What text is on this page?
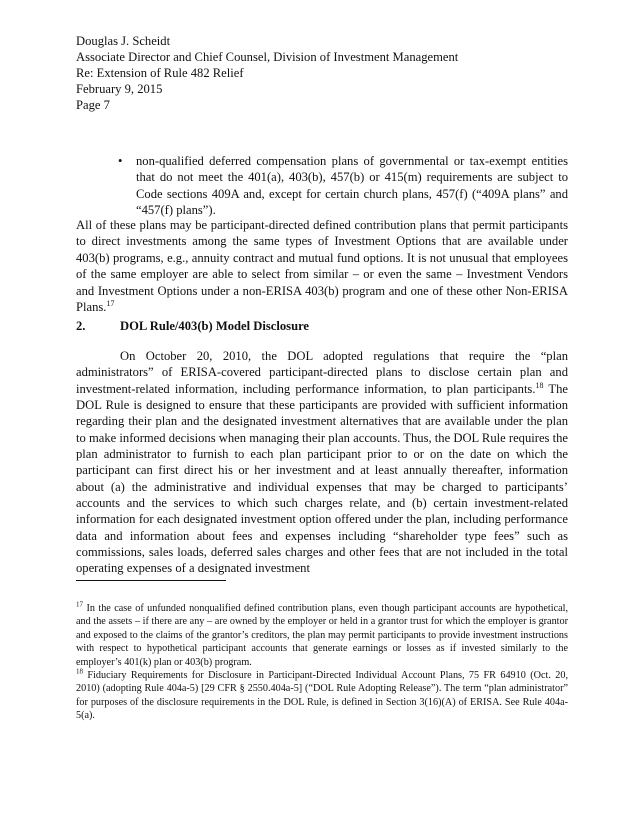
Douglas J. Scheidt
Associate Director and Chief Counsel, Division of Investment Management
Re: Extension of Rule 482 Relief
February 9, 2015
Page 7
• non-qualified deferred compensation plans of governmental or tax-exempt entities that do not meet the 401(a), 403(b), 457(b) or 415(m) requirements are subject to Code sections 409A and, except for certain church plans, 457(f) (“409A plans” and “457(f) plans”).
All of these plans may be participant-directed defined contribution plans that permit participants to direct investments among the same types of Investment Options that are available under 403(b) programs, e.g., annuity contract and mutual fund options. It is not unusual that employees of the same employer are able to select from similar – or even the same – Investment Vendors and Investment Options under a non-ERISA 403(b) program and one of these other Non-ERISA Plans.$^{17}$
2.	DOL Rule/403(b) Model Disclosure
On October 20, 2010, the DOL adopted regulations that require the “plan administrators” of ERISA-covered participant-directed plans to disclose certain plan and investment-related information, including performance information, to plan participants.$^{18}$ The DOL Rule is designed to ensure that these participants are provided with sufficient information regarding their plan and the designated investment alternatives that are available under the plan to make informed decisions when managing their plan accounts. Thus, the DOL Rule requires the plan administrator to furnish to each plan participant prior to or on the date on which the participant can first direct his or her investment and at least annually thereafter, information about (a) the administrative and individual expenses that may be charged to participants’ accounts and the services to which such charges relate, and (b) certain investment-related information for each designated investment option offered under the plan, including performance data and information about fees and expenses including “shareholder type fees” such as commissions, sales loads, deferred sales charges and other fees that are not included in the total operating expenses of a designated investment
$^{17}$ In the case of unfunded nonqualified defined contribution plans, even though participant accounts are hypothetical, and the assets – if there are any – are owned by the employer or held in a grantor trust for which the employer is grantor and exposed to the claims of the grantor’s creditors, the plan may permit participants to provide investment instructions with respect to hypothetical participant accounts that generate earnings or losses as if invested similarly to the employer’s 401(k) plan or 403(b) program.
$^{18}$ Fiduciary Requirements for Disclosure in Participant-Directed Individual Account Plans, 75 FR 64910 (Oct. 20, 2010) (adopting Rule 404a-5) [29 CFR § 2550.404a-5] (“DOL Rule Adopting Release”). The term “plan administrator” for purposes of the disclosure requirements in the DOL Rule, is defined in Section 3(16)(A) of ERISA. See Rule 404a-5(a).
